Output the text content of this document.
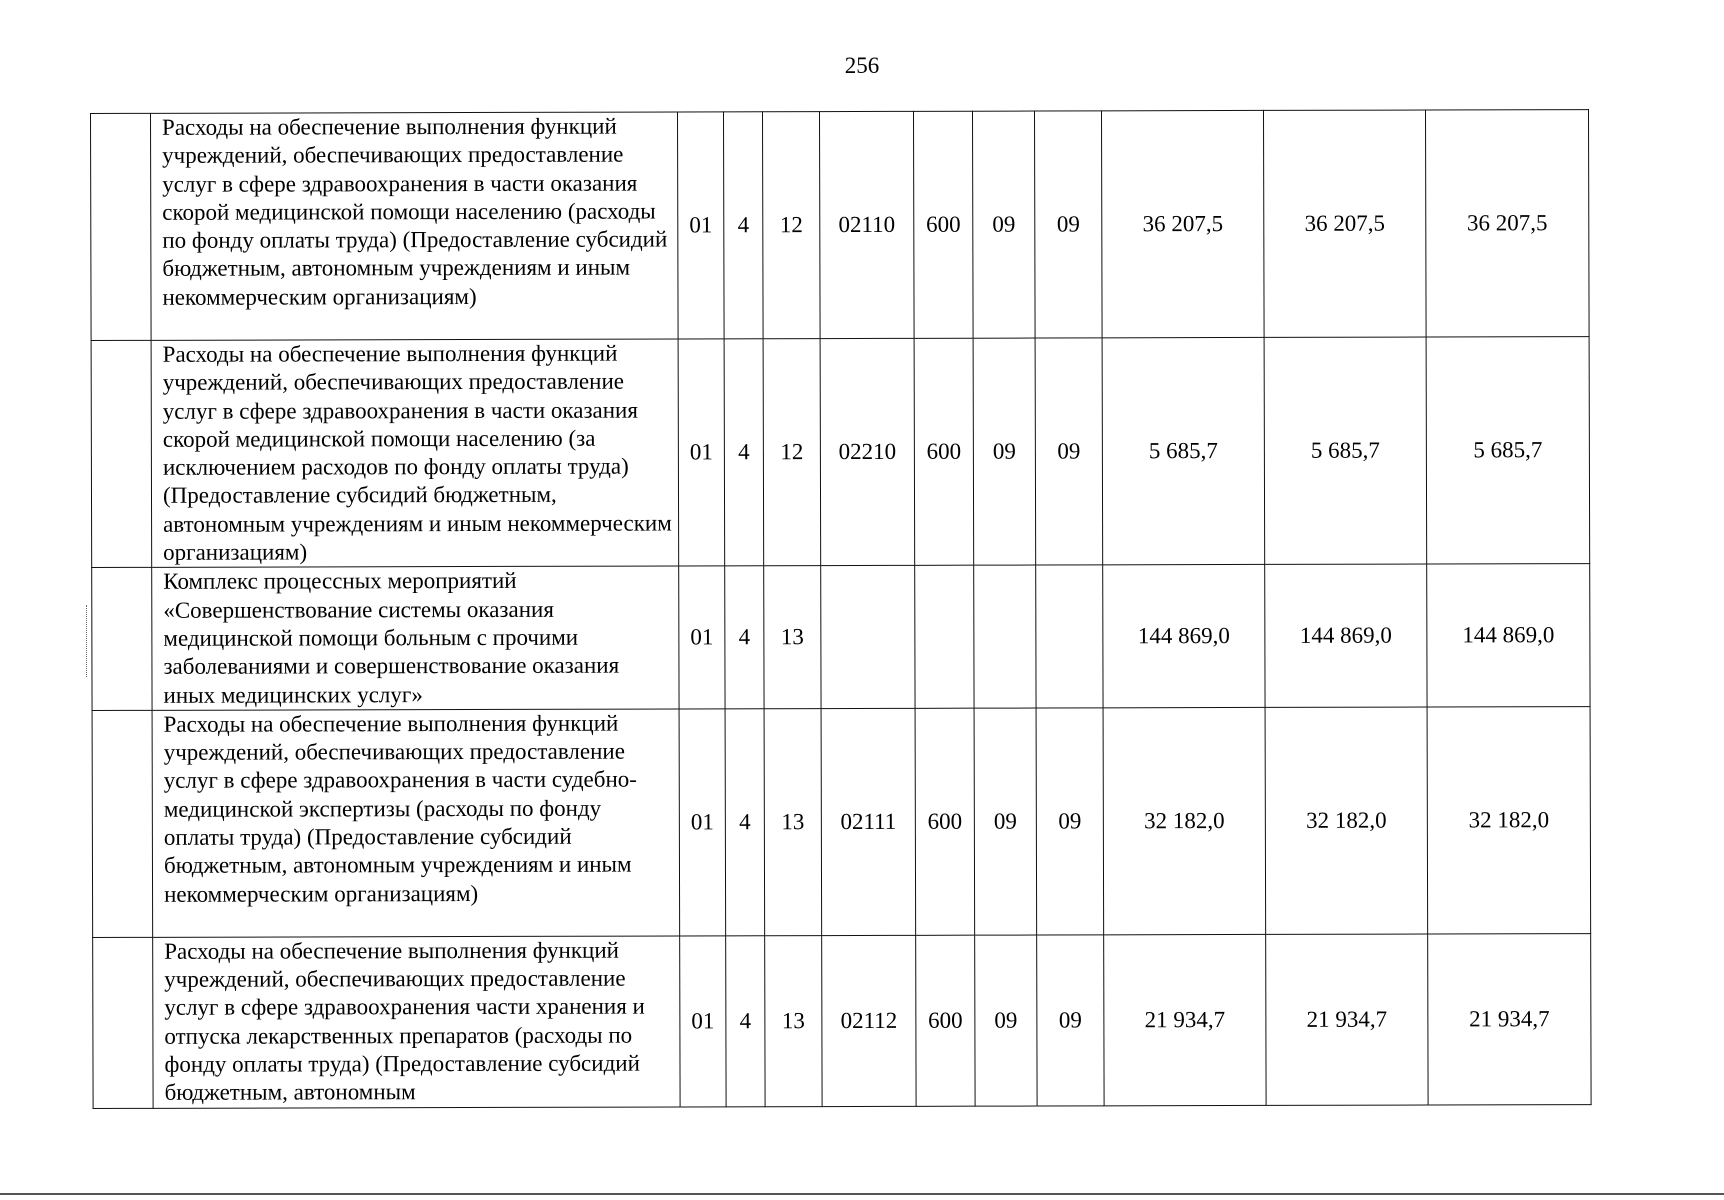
256
	Расходы на обеспечение выполнения функций учреждений, обеспечивающих предоставление услуг в сфере здравоохранения в части оказания скорой медицинской помощи населению (расходы по фонду оплаты труда) (Предоставление субсидий бюджетным, автономным учреждениям и иным некоммерческим организациям)	01	4	12	02110	600	09	09	36 207,5	36 207,5	36 207,5
	Расходы на обеспечение выполнения функций учреждений, обеспечивающих предоставление услуг в сфере здравоохранения в части оказания скорой медицинской помощи населению (за исключением расходов по фонду оплаты труда) (Предоставление субсидий бюджетным, автономным учреждениям и иным некоммерческим организациям)	01	4	12	02210	600	09	09	5 685,7	5 685,7	5 685,7
	Комплекс процессных мероприятий «Совершенствование системы оказания медицинской помощи больным с прочими заболеваниями и совершенствование оказания иных медицинских услуг»	01	4	13					144 869,0	144 869,0	144 869,0
	Расходы на обеспечение выполнения функций учреждений, обеспечивающих предоставление услуг в сфере здравоохранения в части судебно-медицинской экспертизы (расходы по фонду оплаты труда) (Предоставление субсидий бюджетным, автономным учреждениям и иным некоммерческим организациям)	01	4	13	02111	600	09	09	32 182,0	32 182,0	32 182,0
	Расходы на обеспечение выполнения функций учреждений, обеспечивающих предоставление услуг в сфере здравоохранения части хранения и отпуска лекарственных препаратов (расходы по фонду оплаты труда) (Предоставление субсидий бюджетным, автономным	01	4	13	02112	600	09	09	21 934,7	21 934,7	21 934,7
